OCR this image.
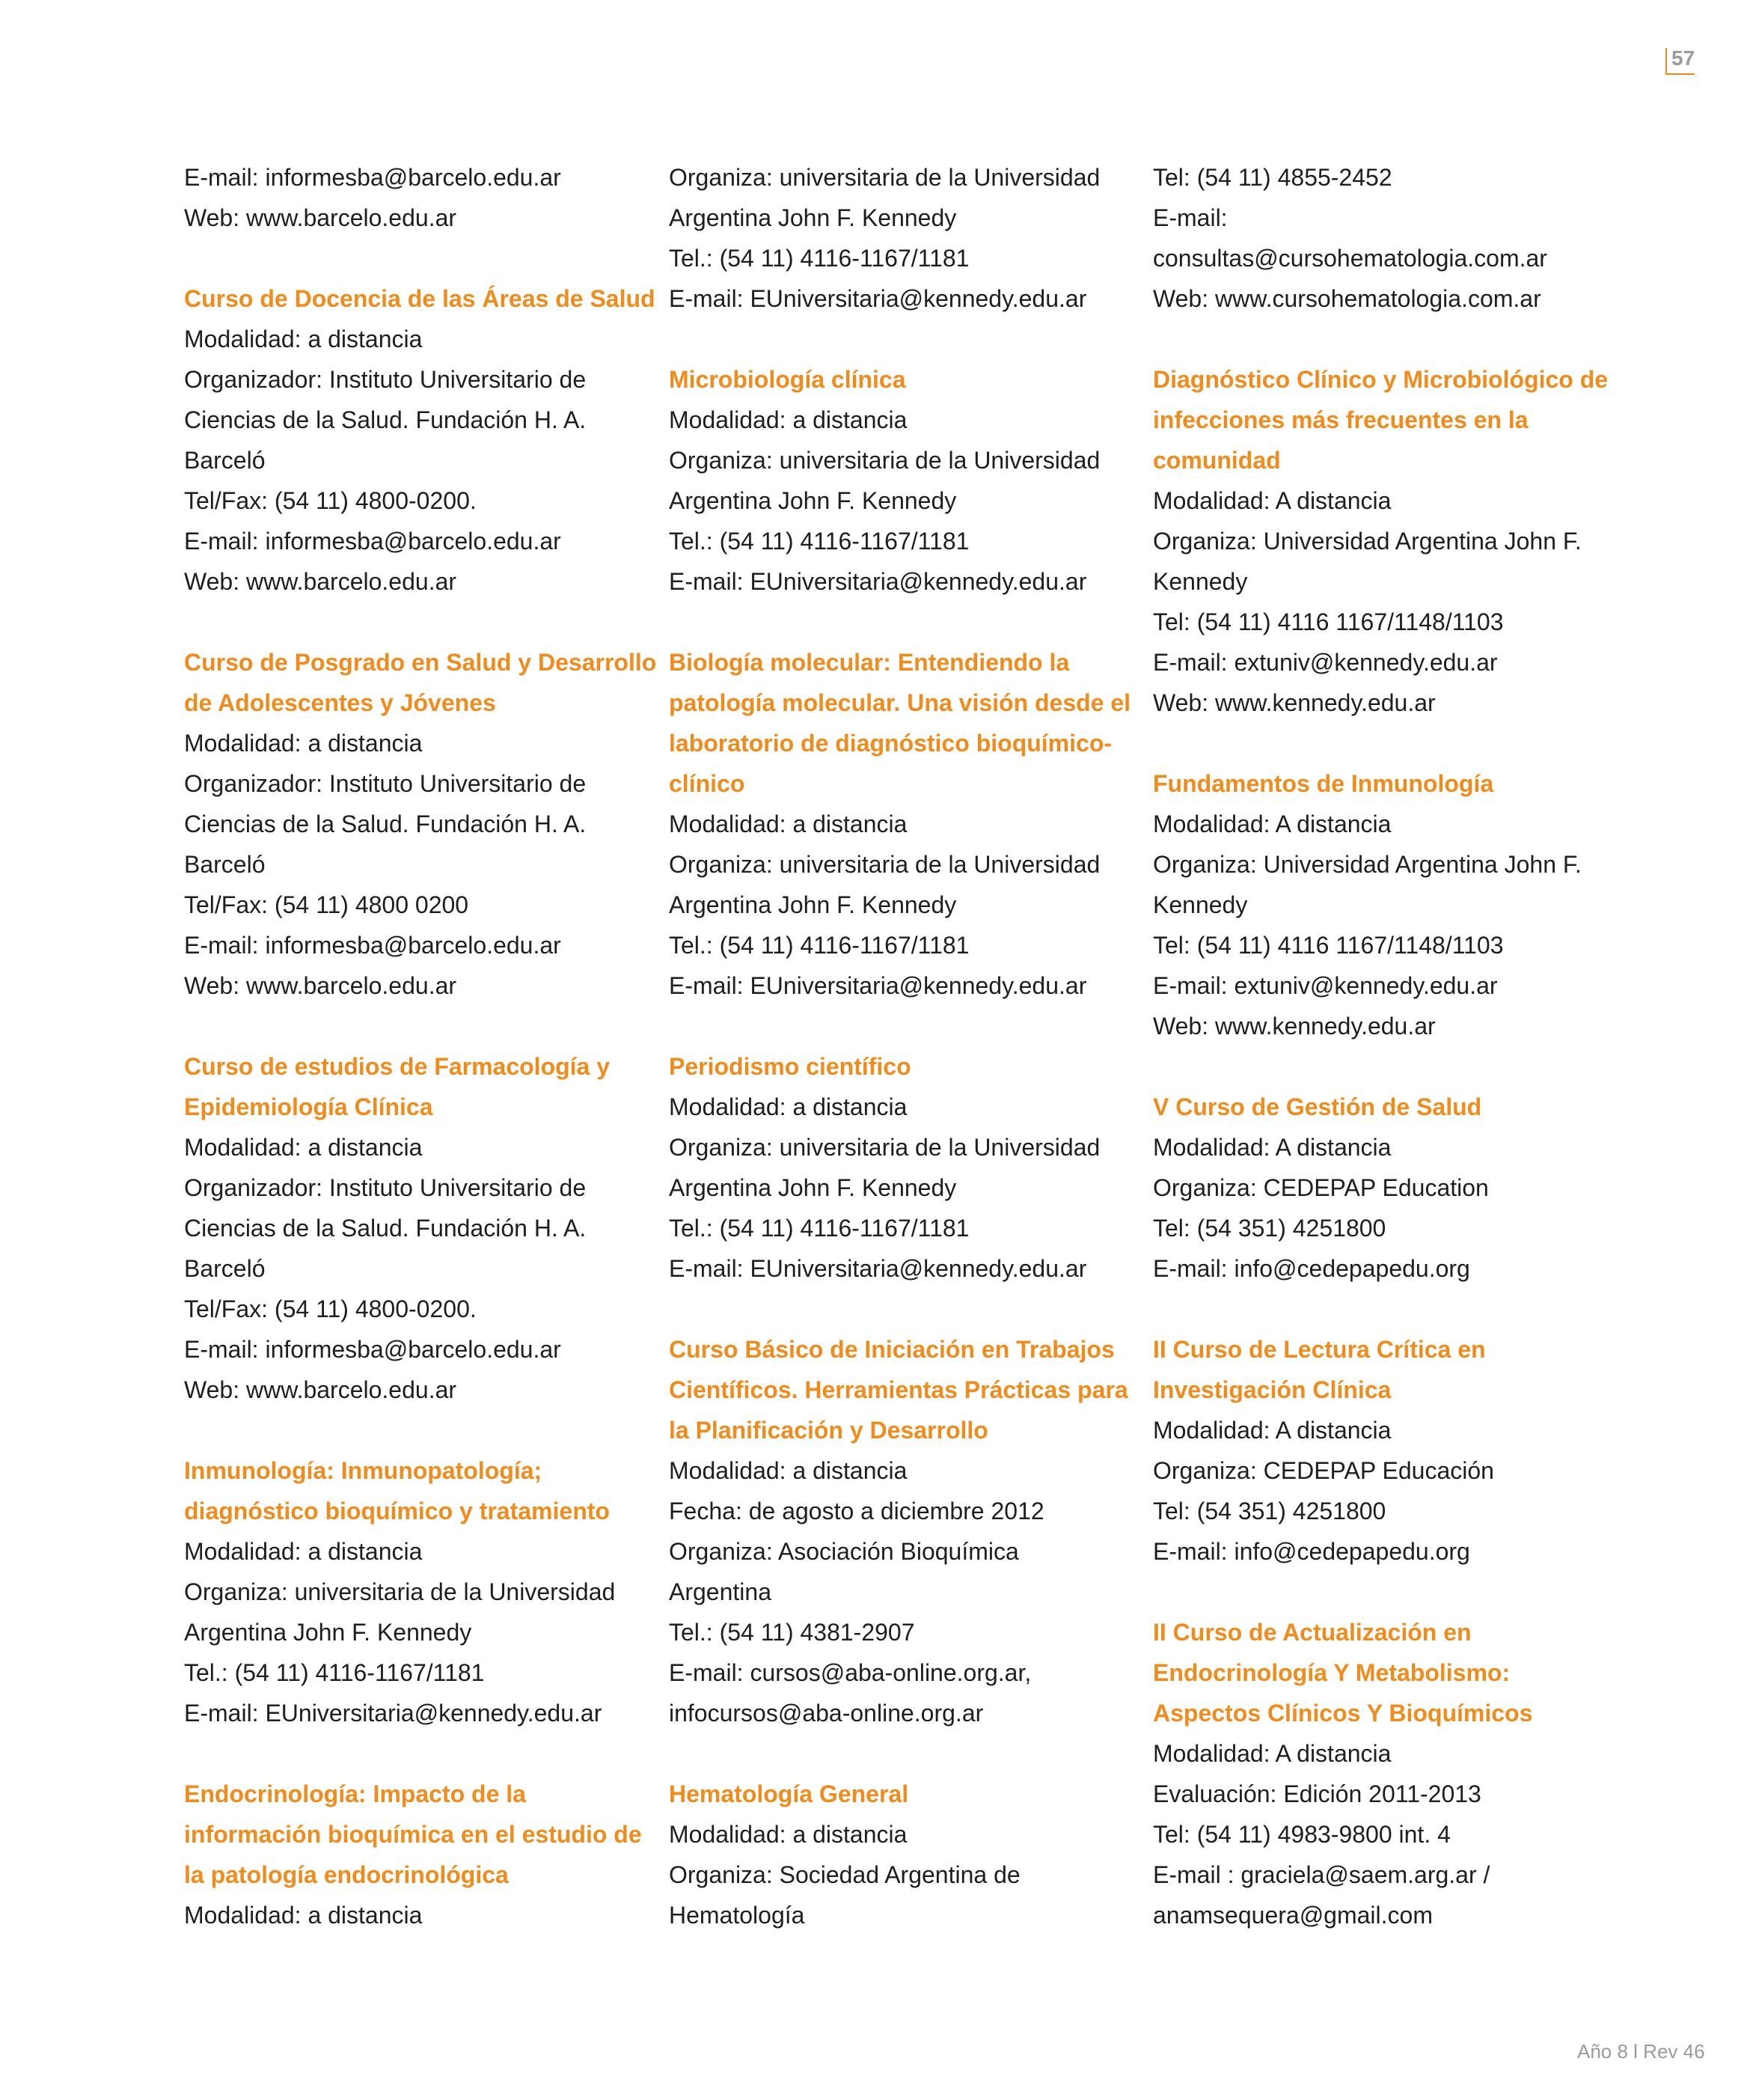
57
E-mail: informesba@barcelo.edu.ar
Web: www.barcelo.edu.ar
Curso de Docencia de las Áreas de Salud
Modalidad: a distancia
Organizador: Instituto Universitario de
Ciencias de la Salud. Fundación H. A.
Barceló
Tel/Fax: (54 11) 4800-0200.
E-mail: informesba@barcelo.edu.ar
Web: www.barcelo.edu.ar
Curso de Posgrado en Salud y Desarrollo
de Adolescentes y Jóvenes
Modalidad: a distancia
Organizador: Instituto Universitario de
Ciencias de la Salud. Fundación H. A.
Barceló
Tel/Fax: (54 11) 4800 0200
E-mail: informesba@barcelo.edu.ar
Web: www.barcelo.edu.ar
Curso de estudios de Farmacología y
Epidemiología Clínica
Modalidad: a distancia
Organizador: Instituto Universitario de
Ciencias de la Salud. Fundación H. A.
Barceló
Tel/Fax: (54 11) 4800-0200.
E-mail: informesba@barcelo.edu.ar
Web: www.barcelo.edu.ar
Inmunología: Inmunopatología;
diagnóstico bioquímico y tratamiento
Modalidad: a distancia
Organiza: universitaria de la Universidad
Argentina John F. Kennedy
Tel.: (54 11) 4116-1167/1181
E-mail: EUniversitaria@kennedy.edu.ar
Endocrinología: Impacto de la
información bioquímica en el estudio de
la patología endocrinológica
Modalidad: a distancia
Organiza: universitaria de la Universidad
Argentina John F. Kennedy
Tel.: (54 11) 4116-1167/1181
E-mail: EUniversitaria@kennedy.edu.ar
Microbiología clínica
Modalidad: a distancia
Organiza: universitaria de la Universidad
Argentina John F. Kennedy
Tel.: (54 11) 4116-1167/1181
E-mail: EUniversitaria@kennedy.edu.ar
Biología molecular: Entendiendo la
patología molecular. Una visión desde el
laboratorio de diagnóstico bioquímico-
clínico
Modalidad: a distancia
Organiza: universitaria de la Universidad
Argentina John F. Kennedy
Tel.: (54 11) 4116-1167/1181
E-mail: EUniversitaria@kennedy.edu.ar
Periodismo científico
Modalidad: a distancia
Organiza: universitaria de la Universidad
Argentina John F. Kennedy
Tel.: (54 11) 4116-1167/1181
E-mail: EUniversitaria@kennedy.edu.ar
Curso Básico de Iniciación en Trabajos
Científicos. Herramientas Prácticas para
la Planificación y Desarrollo
Modalidad: a distancia
Fecha: de agosto a diciembre 2012
Organiza: Asociación Bioquímica
Argentina
Tel.: (54 11) 4381-2907
E-mail: cursos@aba-online.org.ar,
infocursos@aba-online.org.ar
Hematología General
Modalidad: a distancia
Organiza: Sociedad Argentina de
Hematología
Tel: (54 11) 4855-2452
E-mail:
consultas@cursohematologia.com.ar
Web: www.cursohematologia.com.ar
Diagnóstico Clínico y Microbiológico de
infecciones más frecuentes en la
comunidad
Modalidad: A distancia
Organiza: Universidad Argentina John F.
Kennedy
Tel: (54 11) 4116 1167/1148/1103
E-mail: extuniv@kennedy.edu.ar
Web: www.kennedy.edu.ar
Fundamentos de Inmunología
Modalidad: A distancia
Organiza: Universidad Argentina John F.
Kennedy
Tel: (54 11) 4116 1167/1148/1103
E-mail: extuniv@kennedy.edu.ar
Web: www.kennedy.edu.ar
V Curso de Gestión de Salud
Modalidad: A distancia
Organiza: CEDEPAP Education
Tel: (54 351) 4251800
E-mail: info@cedepapedu.org
II Curso de Lectura Crítica en
Investigación Clínica
Modalidad: A distancia
Organiza: CEDEPAP Educación
Tel: (54 351) 4251800
E-mail: info@cedepapedu.org
II Curso de Actualización en
Endocrinología Y Metabolismo:
Aspectos Clínicos Y Bioquímicos
Modalidad: A distancia
Evaluación: Edición 2011-2013
Tel: (54 11) 4983-9800 int. 4
E-mail : graciela@saem.arg.ar /
anamsequera@gmail.com
Año 8 l Rev 46
